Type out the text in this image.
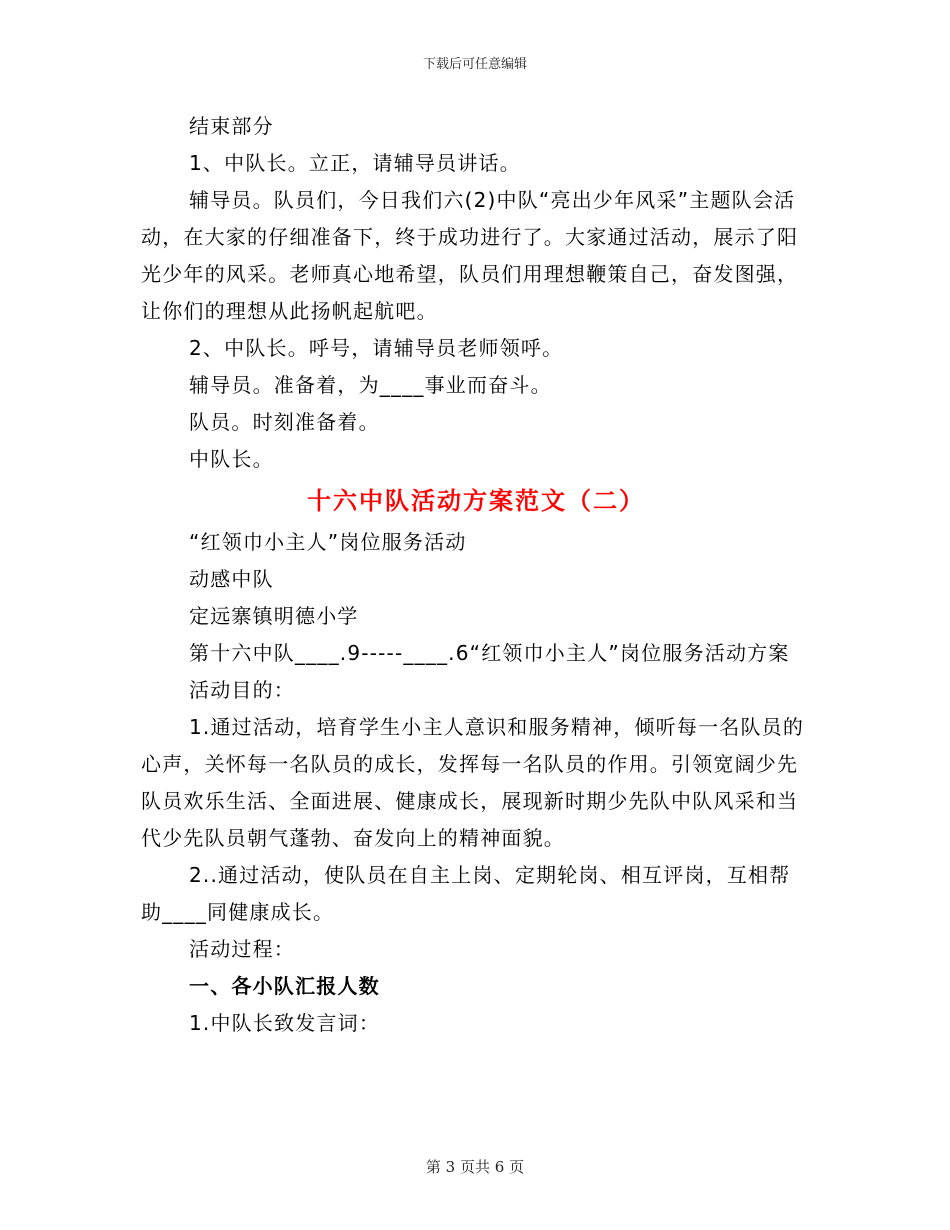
下载后可任意编辑

结束部分

1、中队长。立正，请辅导员讲话。

辅导员。队员们，今日我们六(2)中队“亮出少年风采”主题队会活动，在大家的仔细准备下，终于成功进行了。大家通过活动，展示了阳光少年的风采。老师真心地希望，队员们用理想鞭策自己，奋发图强，让你们的理想从此扬帆起航吧。

2、中队长。呼号，请辅导员老师领呼。

辅导员。准备着，为____事业而奋斗。

队员。时刻准备着。

中队长。

十六中队活动方案范文（二）

“红领巾小主人”岗位服务活动

动感中队

定远寨镇明德小学

第十六中队____.9-----____.6“红领巾小主人”岗位服务活动方案

活动目的：

1.通过活动，培育学生小主人意识和服务精神，倾听每一名队员的心声，关怀每一名队员的成长，发挥每一名队员的作用。引领宽阔少先队员欢乐生活、全面进展、健康成长，展现新时期少先队中队风采和当代少先队员朝气蓬勃、奋发向上的精神面貌。

2..通过活动，使队员在自主上岗、定期轮岗、相互评岗，互相帮助____同健康成长。

活动过程：

一、各小队汇报人数

1.中队长致发言词：

第 3 页共 6 页
